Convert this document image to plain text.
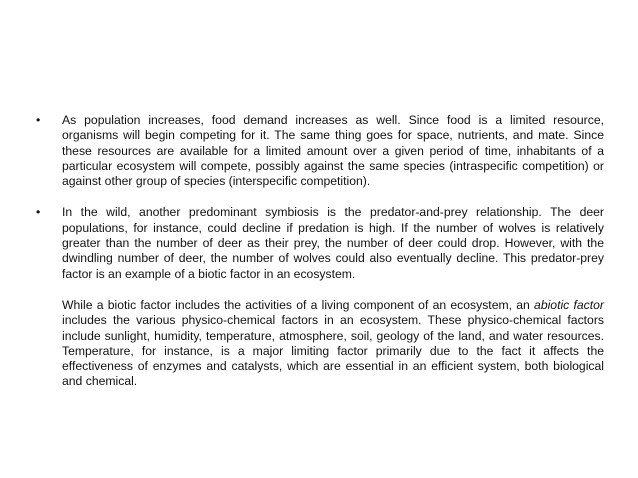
•	As population increases, food demand increases as well. Since food is a limited resource, organisms will begin competing for it. The same thing goes for space, nutrients, and mate. Since these resources are available for a limited amount over a given period of time, inhabitants of a particular ecosystem will compete, possibly against the same species (intraspecific competition) or against other group of species (interspecific competition).
•	In the wild, another predominant symbiosis is the predator-and-prey relationship. The deer populations, for instance, could decline if predation is high. If the number of wolves is relatively greater than the number of deer as their prey, the number of deer could drop. However, with the dwindling number of deer, the number of wolves could also eventually decline. This predator-prey factor is an example of a biotic factor in an ecosystem.
While a biotic factor includes the activities of a living component of an ecosystem, an abiotic factor includes the various physico-chemical factors in an ecosystem. These physico-chemical factors include sunlight, humidity, temperature, atmosphere, soil, geology of the land, and water resources. Temperature, for instance, is a major limiting factor primarily due to the fact it affects the effectiveness of enzymes and catalysts, which are essential in an efficient system, both biological and chemical.
